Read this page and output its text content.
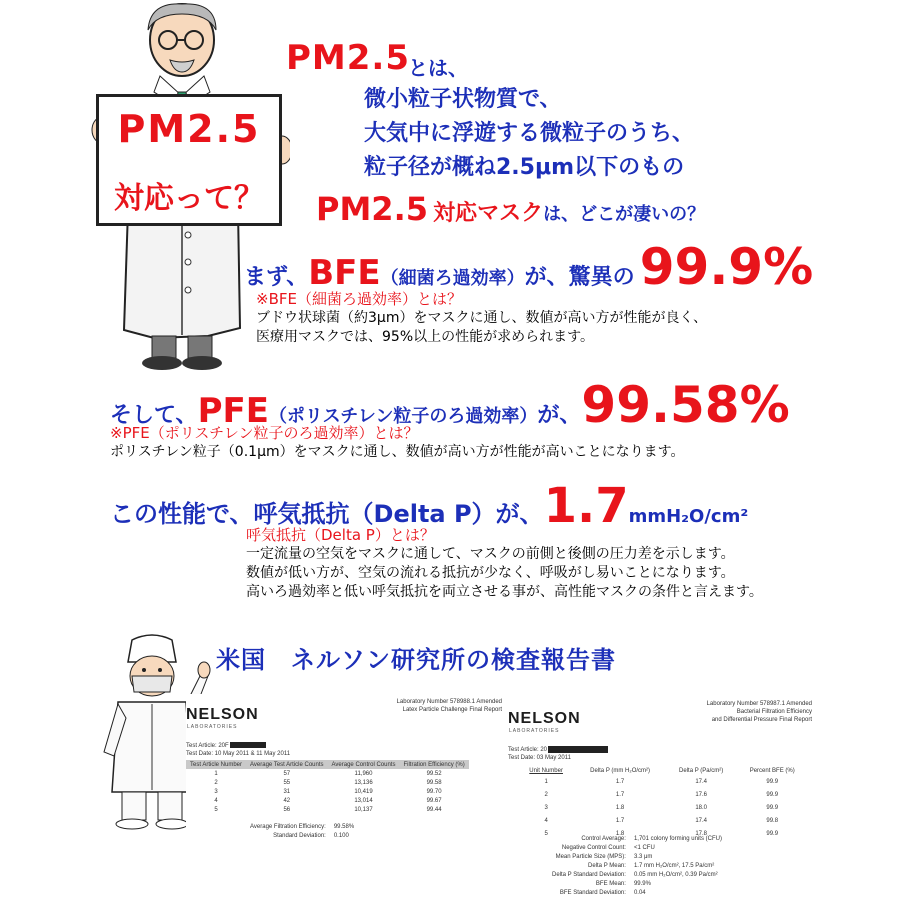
PM2.5
対応って？
PM2.5
とは、
微小粒子状物質で、
大気中に浮遊する微粒子のうち、
粒子径が概ね2.5μm以下のもの
PM2.5 対応マスクは、どこが凄いの？
まず、BFE（細菌ろ過効率）が、驚異の 99.9%
※BFE（細菌ろ過効率）とは？
ブドウ状球菌（約3μm）をマスクに通し、数値が高い方が性能が良く、
医療用マスクでは、95%以上の性能が求められます。
そして、PFE（ポリスチレン粒子のろ過効率）が、99.58%
※PFE（ポリスチレン粒子のろ過効率）とは？
ポリスチレン粒子（0.1μm）をマスクに通し、数値が高い方が性能が高いことになります。
この性能で、呼気抵抗（Delta P）が、1.7mmH₂O/cm²
呼気抵抗（Delta P）とは？
一定流量の空気をマスクに通して、マスクの前側と後側の圧力差を示します。
数値が低い方が、空気の流れる抵抗が少なく、呼吸がし易いことになります。
高いろ過効率と低い呼気抵抗を両立させる事が、高性能マスクの条件と言えます。
米国　ネルソン研究所の検査報告書
NELSON
LABORATORIES
Laboratory Number 578988.1 Amended
Latex Particle Challenge Final Report
Test Article: 20F
Test Date: 10 May 2011 & 11 May 2011
Test Article Number	Average Test Article Counts	Average Control Counts	Filtration Efficiency (%)
1	57	11,960	99.52
2	55	13,136	99.58
3	31	10,419	99.70
4	42	13,014	99.67
5	56	10,137	99.44
Average Filtration Efficiency:	99.58%
Standard Deviation:	0.100
NELSON
LABORATORIES
Laboratory Number 578987.1 Amended
Bacterial Filtration Efficiency
and Differential Pressure Final Report
Test Article: 20
Test Date: 03 May 2011
Unit Number	Delta P (mm H₂O/cm²)	Delta P (Pa/cm²)	Percent BFE (%)
1	1.7	17.4	99.9
2	1.7	17.6	99.9
3	1.8	18.0	99.9
4	1.7	17.4	99.8
5	1.8	17.8	99.9
Control Average:	1,701 colony forming units (CFU)
Negative Control Count:	<1 CFU
Mean Particle Size (MPS):	3.3 μm
Delta P Mean:	1.7 mm H₂O/cm², 17.5 Pa/cm²
Delta P Standard Deviation:	0.05 mm H₂O/cm², 0.39 Pa/cm²
BFE Mean:	99.9%
BFE Standard Deviation:	0.04
